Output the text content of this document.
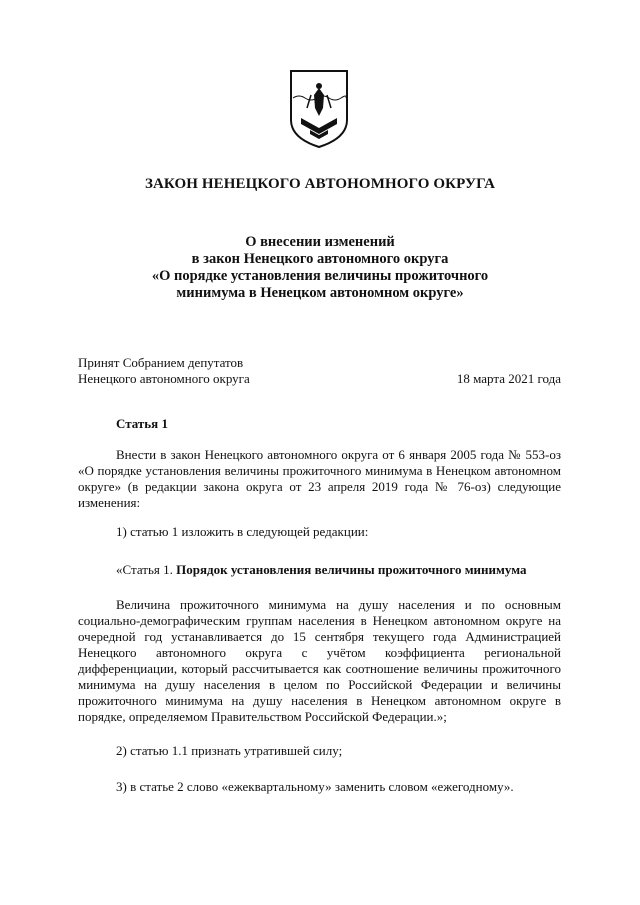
ЗАКОН НЕНЕЦКОГО АВТОНОМНОГО ОКРУГА
О внесении изменений
в закон Ненецкого автономного округа
«О порядке установления величины прожиточного
минимума в Ненецком автономном округе»
Принят Собранием депутатов
Ненецкого автономного округа	18 марта 2021 года
Статья 1

Внести в закон Ненецкого автономного округа от 6 января 2005 года № 553-оз «О порядке установления величины прожиточного минимума в Ненецком автономном округе» (в редакции закона округа от 23 апреля 2019 года № 76-оз) следующие изменения:

1) статью 1 изложить в следующей редакции:
«Статья 1. Порядок установления величины прожиточного минимума

Величина прожиточного минимума на душу населения и по основным социально-демографическим группам населения в Ненецком автономном округе на очередной год устанавливается до 15 сентября текущего года Администрацией Ненецкого автономного округа с учётом коэффициента региональной дифференциации, который рассчитывается как соотношение величины прожиточного минимума на душу населения в целом по Российской Федерации и величины прожиточного минимума на душу населения в Ненецком автономном округе в порядке, определяемом Правительством Российской Федерации.»;

2) статью 1.1 признать утратившей силу;
3) в статье 2 слово «ежеквартальному» заменить словом «ежегодному».
